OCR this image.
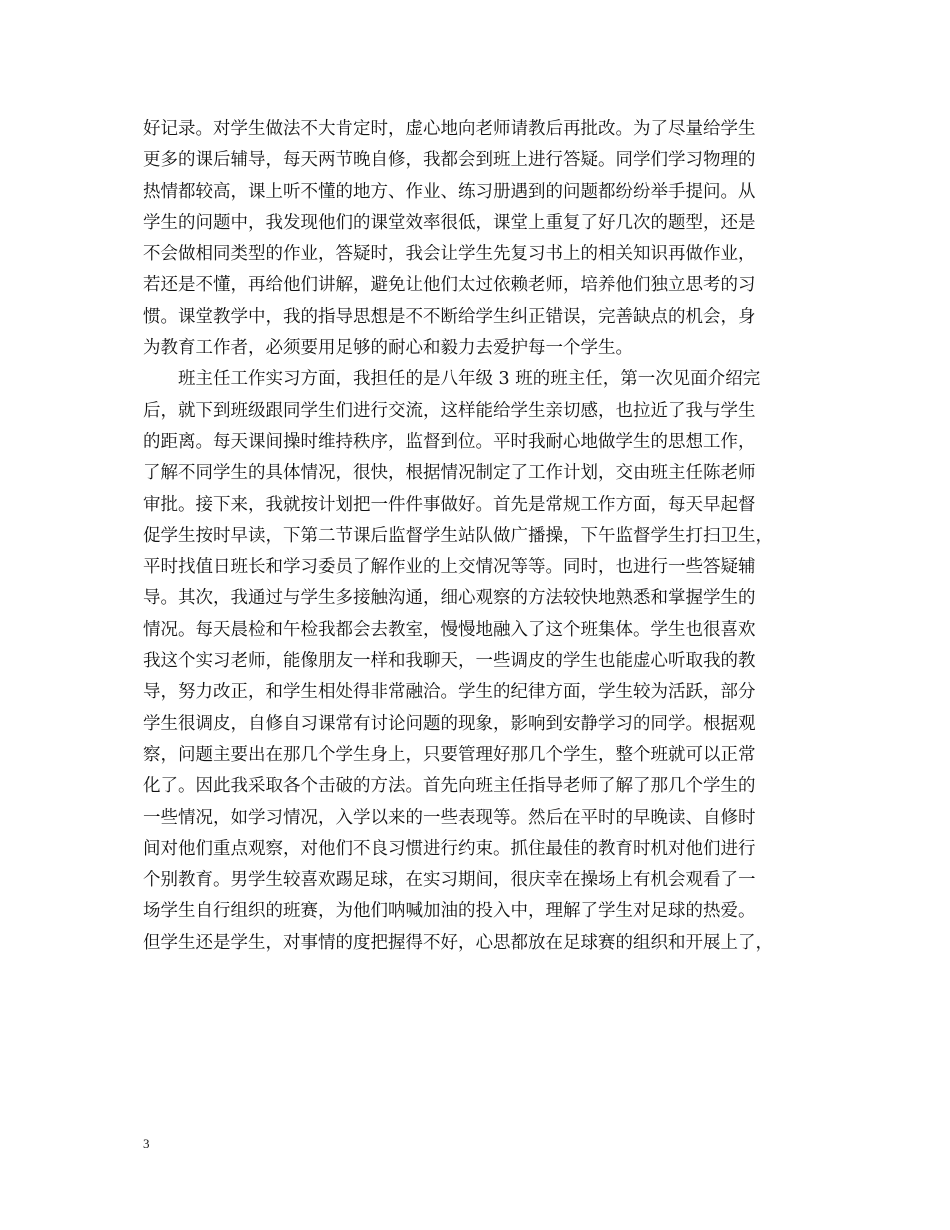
好记录。对学生做法不大肯定时，虚心地向老师请教后再批改。为了尽量给学生
更多的课后辅导，每天两节晚自修，我都会到班上进行答疑。同学们学习物理的
热情都较高，课上听不懂的地方、作业、练习册遇到的问题都纷纷举手提问。从
学生的问题中，我发现他们的课堂效率很低，课堂上重复了好几次的题型，还是
不会做相同类型的作业，答疑时，我会让学生先复习书上的相关知识再做作业，
若还是不懂，再给他们讲解，避免让他们太过依赖老师，培养他们独立思考的习
惯。课堂教学中，我的指导思想是不不断给学生纠正错误，完善缺点的机会，身
为教育工作者，必须要用足够的耐心和毅力去爱护每一个学生。
　　班主任工作实习方面，我担任的是八年级 3 班的班主任，第一次见面介绍完
后，就下到班级跟同学生们进行交流，这样能给学生亲切感，也拉近了我与学生
的距离。每天课间操时维持秩序，监督到位。平时我耐心地做学生的思想工作，
了解不同学生的具体情况，很快，根据情况制定了工作计划，交由班主任陈老师
审批。接下来，我就按计划把一件件事做好。首先是常规工作方面，每天早起督
促学生按时早读，下第二节课后监督学生站队做广播操，下午监督学生打扫卫生，
平时找值日班长和学习委员了解作业的上交情况等等。同时，也进行一些答疑辅
导。其次，我通过与学生多接触沟通，细心观察的方法较快地熟悉和掌握学生的
情况。每天晨检和午检我都会去教室，慢慢地融入了这个班集体。学生也很喜欢
我这个实习老师，能像朋友一样和我聊天，一些调皮的学生也能虚心听取我的教
导，努力改正，和学生相处得非常融洽。学生的纪律方面，学生较为活跃，部分
学生很调皮，自修自习课常有讨论问题的现象，影响到安静学习的同学。根据观
察，问题主要出在那几个学生身上，只要管理好那几个学生，整个班就可以正常
化了。因此我采取各个击破的方法。首先向班主任指导老师了解了那几个学生的
一些情况，如学习情况，入学以来的一些表现等。然后在平时的早晚读、自修时
间对他们重点观察，对他们不良习惯进行约束。抓住最佳的教育时机对他们进行
个别教育。男学生较喜欢踢足球，在实习期间，很庆幸在操场上有机会观看了一
场学生自行组织的班赛，为他们呐喊加油的投入中，理解了学生对足球的热爱。
但学生还是学生，对事情的度把握得不好，心思都放在足球赛的组织和开展上了，
3
